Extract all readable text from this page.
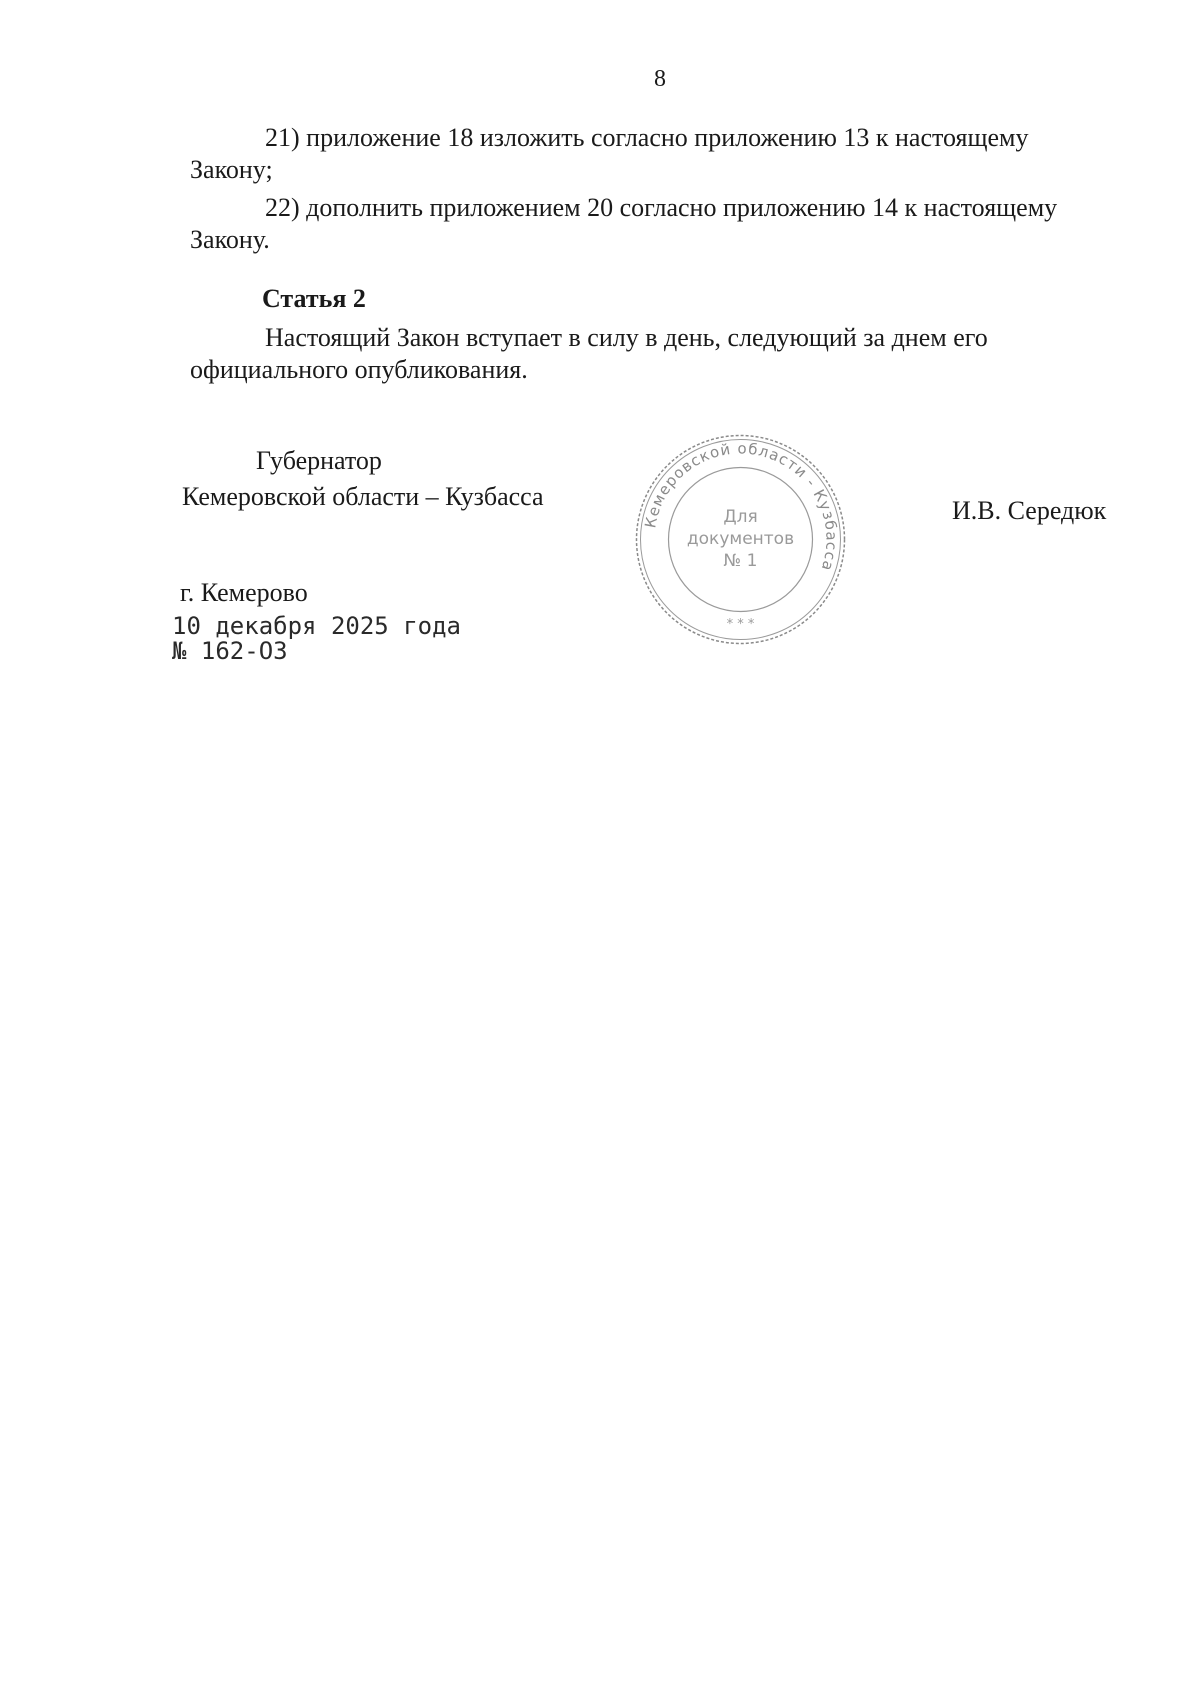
8
21) приложение 18 изложить согласно приложению 13 к настоящему
Закону;
22) дополнить приложением 20 согласно приложению 14 к настоящему
Закону.
Статья 2
Настоящий Закон вступает в силу в день, следующий за днем его
официального опубликования.
Губернатор
Кемеровской области – Кузбасса	И.В. Середюк
Кемеровской области - Кузбасса
Для
документов
№ 1
* * *
г. Кемерово
10 декабря 2025 года
№ 162-ОЗ
